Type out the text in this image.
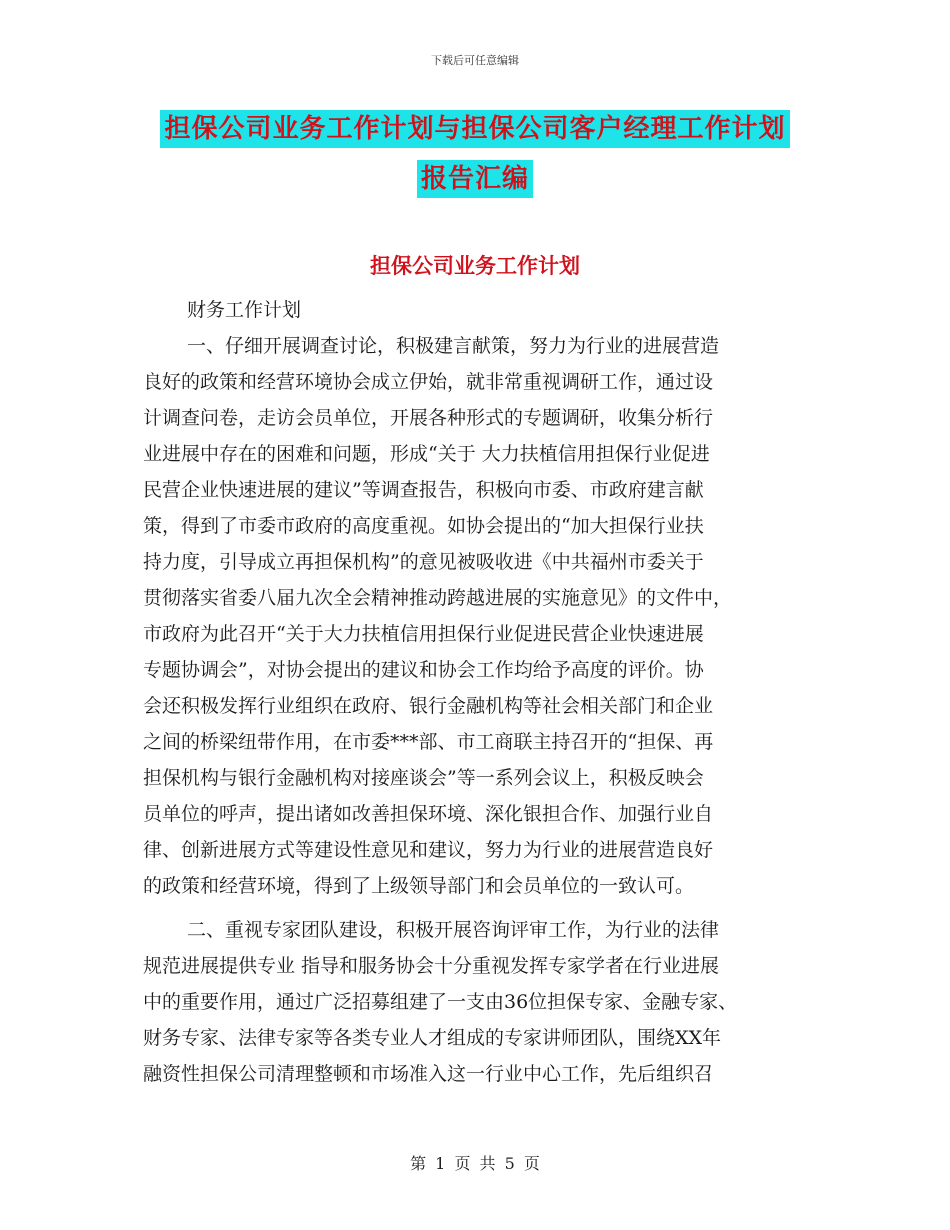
下载后可任意编辑
担保公司业务工作计划与担保公司客户经理工作计划
报告汇编
担保公司业务工作计划

财务工作计划

一、仔细开展调查讨论，积极建言献策，努力为行业的进展营造

良好的政策和经营环境协会成立伊始，就非常重视调研工作，通过设

计调查问卷，走访会员单位，开展各种形式的专题调研，收集分析行

业进展中存在的困难和问题，形成“关于 大力扶植信用担保行业促进

民营企业快速进展的建议”等调查报告，积极向市委、市政府建言献

策，得到了市委市政府的高度重视。如协会提出的“加大担保行业扶

持力度，引导成立再担保机构”的意见被吸收进《中共福州市委关于

贯彻落实省委八届九次全会精神推动跨越进展的实施意见》的文件中，

市政府为此召开“关于大力扶植信用担保行业促进民营企业快速进展

专题协调会”，对协会提出的建议和协会工作均给予高度的评价。协

会还积极发挥行业组织在政府、银行金融机构等社会相关部门和企业

之间的桥梁纽带作用，在市委***部、市工商联主持召开的“担保、再

担保机构与银行金融机构对接座谈会”等一系列会议上，积极反映会

员单位的呼声，提出诸如改善担保环境、深化银担合作、加强行业自

律、创新进展方式等建设性意见和建议，努力为行业的进展营造良好

的政策和经营环境，得到了上级领导部门和会员单位的一致认可。

二、重视专家团队建设，积极开展咨询评审工作，为行业的法律

规范进展提供专业 指导和服务协会十分重视发挥专家学者在行业进展

中的重要作用，通过广泛招募组建了一支由36位担保专家、金融专家、

财务专家、法律专家等各类专业人才组成的专家讲师团队，围绕XX年

融资性担保公司清理整顿和市场准入这一行业中心工作，先后组织召

第 1 页 共 5 页
